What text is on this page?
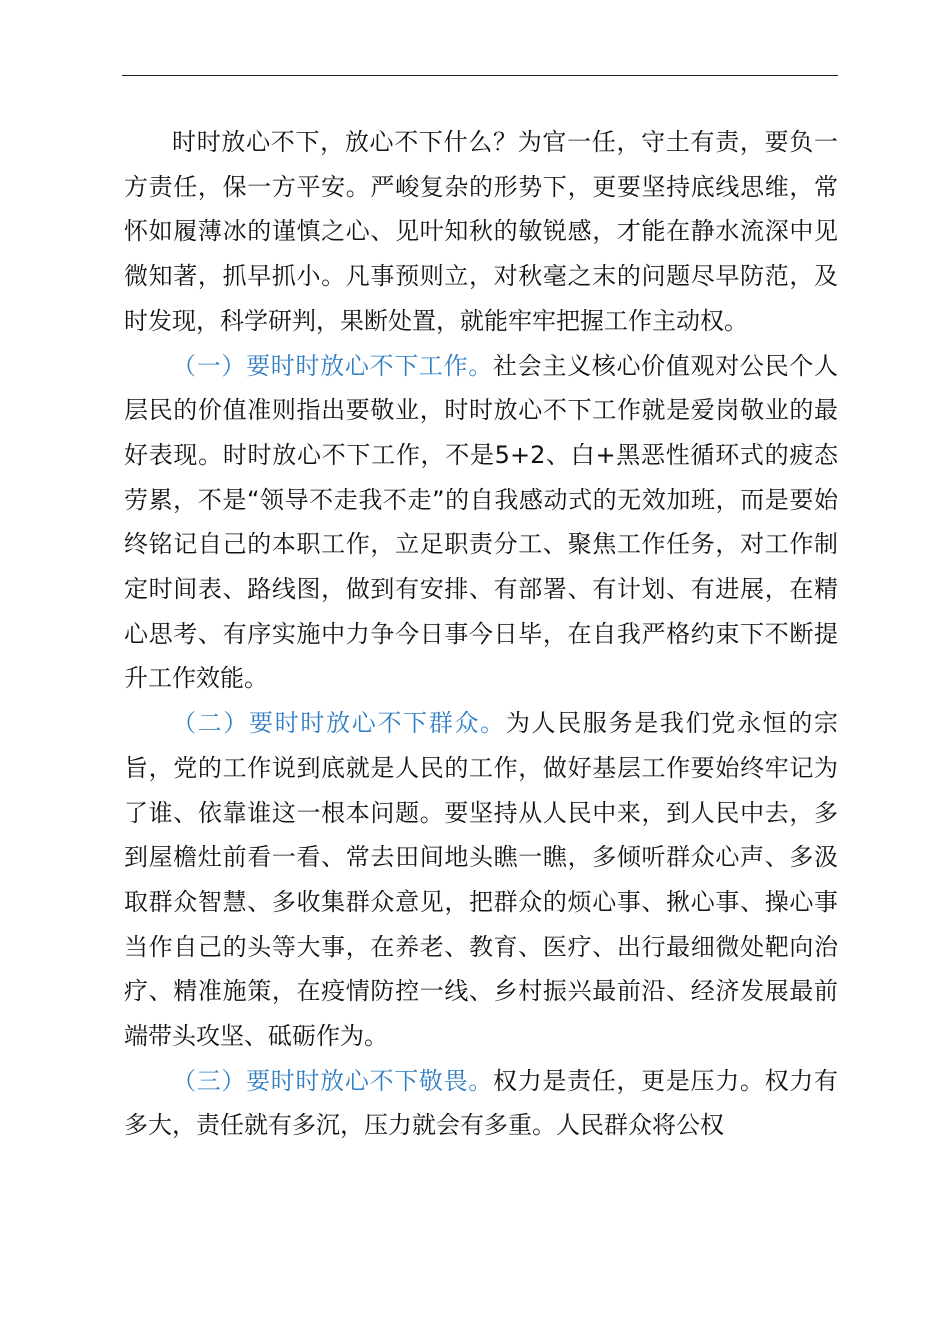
时时放心不下，放心不下什么？为官一任，守土有责，要负一方责任，保一方平安。严峻复杂的形势下，更要坚持底线思维，常怀如履薄冰的谨慎之心、见叶知秋的敏锐感，才能在静水流深中见微知著，抓早抓小。凡事预则立，对秋毫之末的问题尽早防范，及时发现，科学研判，果断处置，就能牢牢把握工作主动权。

（一）要时时放心不下工作。社会主义核心价值观对公民个人层民的价值准则指出要敬业，时时放心不下工作就是爱岗敬业的最好表现。时时放心不下工作，不是5+2、白+黑恶性循环式的疲态劳累，不是“领导不走我不走”的自我感动式的无效加班，而是要始终铭记自己的本职工作，立足职责分工、聚焦工作任务，对工作制定时间表、路线图，做到有安排、有部署、有计划、有进展，在精心思考、有序实施中力争今日事今日毕，在自我严格约束下不断提升工作效能。

（二）要时时放心不下群众。为人民服务是我们党永恒的宗旨，党的工作说到底就是人民的工作，做好基层工作要始终牢记为了谁、依靠谁这一根本问题。要坚持从人民中来，到人民中去，多到屋檐灶前看一看、常去田间地头瞧一瞧，多倾听群众心声、多汲取群众智慧、多收集群众意见，把群众的烦心事、揪心事、操心事当作自己的头等大事，在养老、教育、医疗、出行最细微处靶向治疗、精准施策，在疫情防控一线、乡村振兴最前沿、经济发展最前端带头攻坚、砥砺作为。

（三）要时时放心不下敬畏。权力是责任，更是压力。权力有多大，责任就有多沉，压力就会有多重。人民群众将公权
